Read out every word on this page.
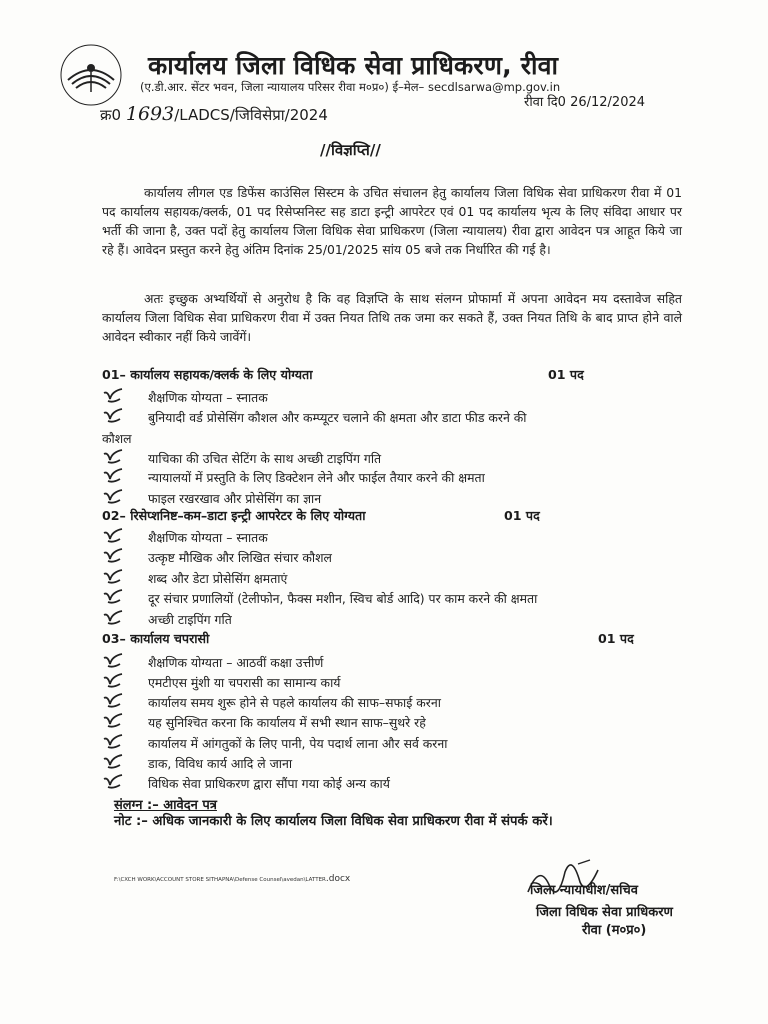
कार्यालय जिला विधिक सेवा प्राधिकरण, रीवा
(ए.डी.आर. सेंटर भवन, जिला न्यायालय परिसर रीवा म०प्र०) ई–मेल– secdlsarwa@mp.gov.in
क्र0 1693/LADCS/जिविसेप्रा/2024
रीवा दि0 26/12/2024
//विज्ञप्ति//

कार्यालय लीगल एड डिफेंस काउंसिल सिस्टम के उचित संचालन हेतु कार्यालय जिला विधिक सेवा प्राधिकरण रीवा में 01 पद कार्यालय सहायक/क्लर्क, 01 पद रिसेप्सनिस्ट सह डाटा इन्ट्री आपरेटर एवं 01 पद कार्यालय भृत्य के लिए संविदा आधार पर भर्ती की जाना है, उक्त पदों हेतु कार्यालय जिला विधिक सेवा प्राधिकरण (जिला न्यायालय) रीवा द्वारा आवेदन पत्र आहूत किये जा रहे हैं। आवेदन प्रस्तुत करने हेतु अंतिम दिनांक 25/01/2025 सांय 05 बजे तक निर्धारित की गई है।

अतः इच्छुक अभ्यर्थियों से अनुरोध है कि वह विज्ञप्ति के साथ संलग्न प्रोफार्मा में अपना आवेदन मय दस्तावेज सहित कार्यालय जिला विधिक सेवा प्राधिकरण रीवा में उक्त नियत तिथि तक जमा कर सकते हैं, उक्त नियत तिथि के बाद प्राप्त होने वाले आवेदन स्वीकार नहीं किये जावेंगें।

01– कार्यालय सहायक/क्लर्क के लिए योग्यता	01 पद
शैक्षणिक योग्यता – स्नातक
बुनियादी वर्ड प्रोसेसिंग कौशल और कम्प्यूटर चलाने की क्षमता और डाटा फीड करने की
कौशल
याचिका की उचित सेटिंग के साथ अच्छी टाइपिंग गति
न्यायालयों में प्रस्तुति के लिए डिक्टेशन लेने और फाईल तैयार करने की क्षमता
फाइल रखरखाव और प्रोसेसिंग का ज्ञान
02– रिसेप्शनिष्ट–कम–डाटा इन्ट्री आपरेटर के लिए योग्यता	01 पद
शैक्षणिक योग्यता – स्नातक
उत्कृष्ट मौखिक और लिखित संचार कौशल
शब्द और डेटा प्रोसेसिंग क्षमताएं
दूर संचार प्रणालियों (टेलीफोन, फैक्स मशीन, स्विच बोर्ड आदि) पर काम करने की क्षमता
अच्छी टाइपिंग गति
03– कार्यालय चपरासी	01 पद
शैक्षणिक योग्यता – आठवीं कक्षा उत्तीर्ण
एमटीएस मुंशी या चपरासी का सामान्य कार्य
कार्यालय समय शुरू होने से पहले कार्यालय की साफ–सफाई करना
यह सुनिश्चित करना कि कार्यालय में सभी स्थान साफ–सुथरे रहे
कार्यालय में आंगतुकों के लिए पानी, पेय पदार्थ लाना और सर्व करना
डाक, विविध कार्य आदि ले जाना
विधिक सेवा प्राधिकरण द्वारा सौंपा गया कोई अन्य कार्य
संलग्न :– आवेदन पत्र
नोट :– अधिक जानकारी के लिए कार्यालय जिला विधिक सेवा प्राधिकरण रीवा में संपर्क करें।
F:\CXCH WORK\ACCOUNT STORE SITHAPNA\Defense Counsel\avedan\LATTER.docx
जिला न्यायाधीश/सचिव
जिला विधिक सेवा प्राधिकरण
रीवा (म०प्र०)
